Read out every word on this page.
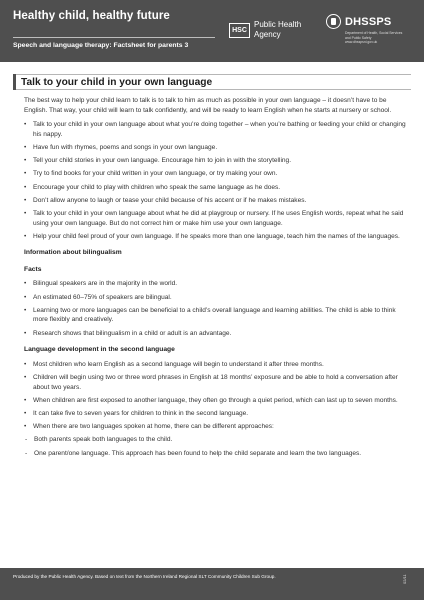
Healthy child, healthy future
Speech and language therapy: Factsheet for parents 3
HSC
Public Health
Agency
DHSSPS
Department of Health, Social Services
and Public Safety
www.dhsspsni.gov.uk
Talk to your child in your own language

The best way to help your child learn to talk is to talk to him as much as possible in your own language – it doesn’t have to be English. That way, your child will learn to talk confidently, and will be ready to learn English when he starts at nursery or school.

• Talk to your child in your own language about what you’re doing together – when you’re bathing or feeding your child or changing his nappy.
• Have fun with rhymes, poems and songs in your own language.
• Tell your child stories in your own language. Encourage him to join in with the storytelling.
• Try to find books for your child written in your own language, or try making your own.
• Encourage your child to play with children who speak the same language as he does.
• Don’t allow anyone to laugh or tease your child because of his accent or if he makes mistakes.
• Talk to your child in your own language about what he did at playgroup or nursery. If he uses English words, repeat what he said using your own language. But do not correct him or make him use your own language.
• Help your child feel proud of your own language. If he speaks more than one language, teach him the names of the languages.
Information about bilingualism
Facts
• Bilingual speakers are in the majority in the world.
• An estimated 60–75% of speakers are bilingual.
• Learning two or more languages can be beneficial to a child’s overall language and learning abilities. The child is able to think more flexibly and creatively.
• Research shows that bilingualism in a child or adult is an advantage.
Language development in the second language
• Most children who learn English as a second language will begin to understand it after three months.
• Children will begin using two or three word phrases in English at 18 months’ exposure and be able to hold a conversation after about two years.
• When children are first exposed to another language, they often go through a quiet period, which can last up to seven months.
• It can take five to seven years for children to think in the second language.
• When there are two languages spoken at home, there can be different approaches:
- Both parents speak both languages to the child.
- One parent/one language. This approach has been found to help the child separate and learn the two languages.
Produced by the Public Health Agency. Based on text from the Northern Ireland Regional SLT Community Children Sub Group.	02/11
